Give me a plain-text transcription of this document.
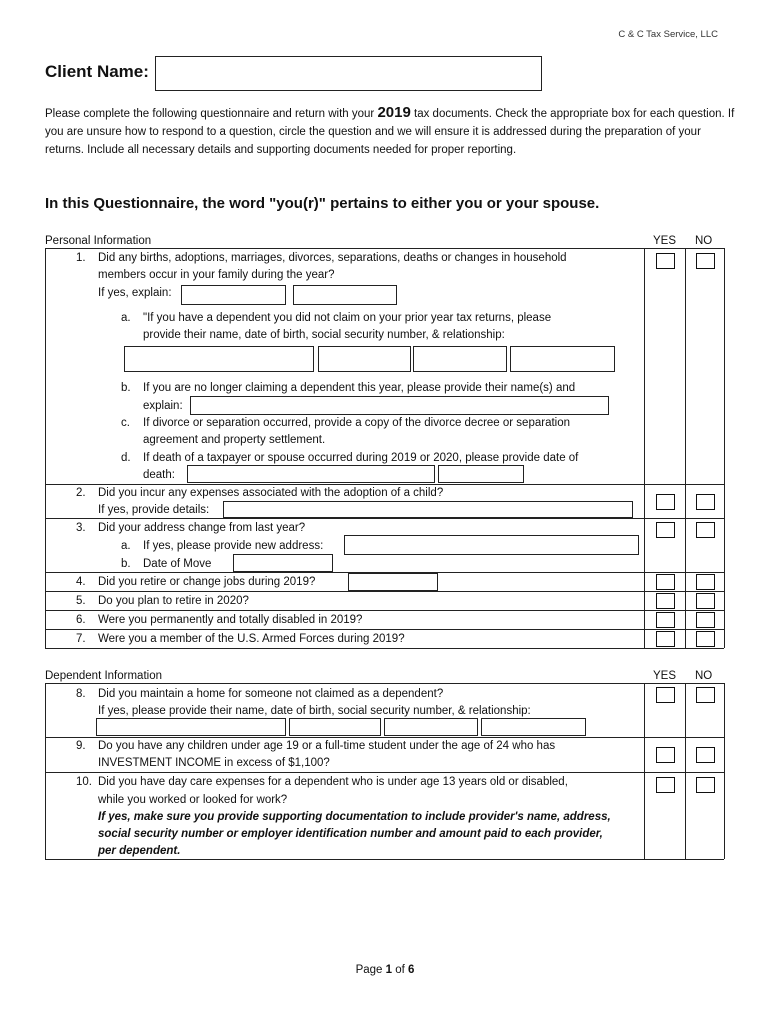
C & C Tax Service, LLC
Client Name:
Please complete the following questionnaire and return with your 2019 tax documents. Check the appropriate box for each question. If you are unsure how to respond to a question, circle the question and we will ensure it is addressed during the preparation of your returns. Include all necessary details and supporting documents needed for proper reporting.
In this Questionnaire, the word "you(r)" pertains to either you or your spouse.
Personal Information	YES NO
1. Did any births, adoptions, marriages, divorces, separations, deaths or changes in household
members occur in your family during the year?
If yes, explain:
a. "If you have a dependent you did not claim on your prior year tax returns, please
provide their name, date of birth, social security number, & relationship:
b. If you are no longer claiming a dependent this year, please provide their name(s) and
explain:
c. If divorce or separation occurred, provide a copy of the divorce decree or separation
agreement and property settlement.
d. If death of a taxpayer or spouse occurred during 2019 or 2020, please provide date of
death:
2. Did you incur any expenses associated with the adoption of a child?
If yes, provide details:
3. Did your address change from last year?
a. If yes, please provide new address:
b. Date of Move
4. Did you retire or change jobs during 2019?
5. Do you plan to retire in 2020?
6. Were you permanently and totally disabled in 2019?
7. Were you a member of the U.S. Armed Forces during 2019?
Dependent Information	YES NO
8. Did you maintain a home for someone not claimed as a dependent?
If yes, please provide their name, date of birth, social security number, & relationship:
9. Do you have any children under age 19 or a full-time student under the age of 24 who has
INVESTMENT INCOME in excess of $1,100?
10. Did you have day care expenses for a dependent who is under age 13 years old or disabled,
while you worked or looked for work?
If yes, make sure you provide supporting documentation to include provider's name, address,
social security number or employer identification number and amount paid to each provider,
per dependent.
Page 1 of 6
